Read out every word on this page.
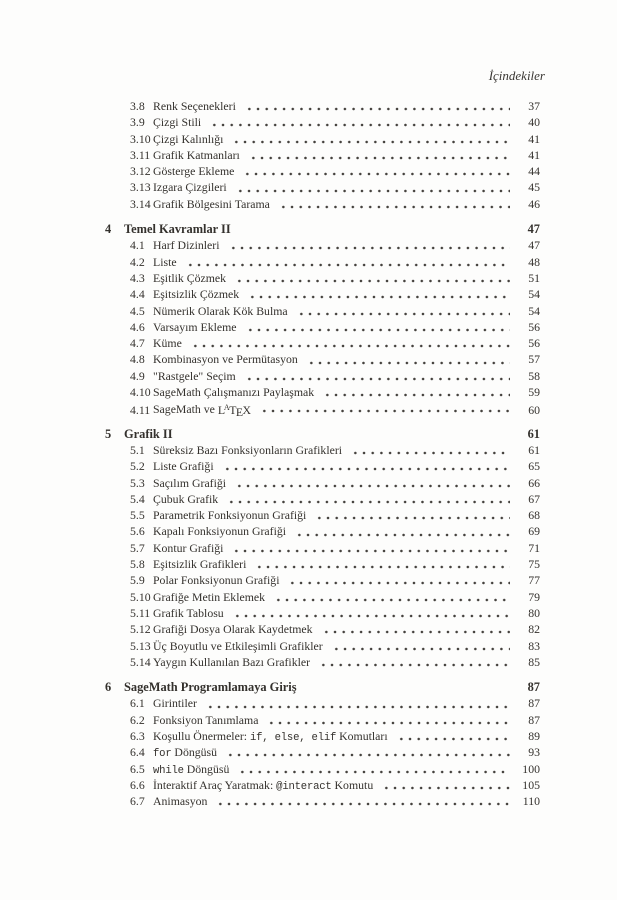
İçindekiler
3.8 Renk Seçenekleri	37
3.9 Çizgi Stili	40
3.10 Çizgi Kalınlığı	41
3.11 Grafik Katmanları	41
3.12 Gösterge Ekleme	44
3.13 Izgara Çizgileri	45
3.14 Grafik Bölgesini Tarama	46
4	Temel Kavramlar II	47
4.1 Harf Dizinleri	47
4.2 Liste	48
4.3 Eşitlik Çözmek	51
4.4 Eşitsizlik Çözmek	54
4.5 Nümerik Olarak Kök Bulma	54
4.6 Varsayım Ekleme	56
4.7 Küme	56
4.8 Kombinasyon ve Permütasyon	57
4.9 "Rastgele" Seçim	58
4.10 SageMath Çalışmanızı Paylaşmak	59
4.11 SageMath ve $L^ATEX$	60
5	Grafik II	61
5.1 Süreksiz Bazı Fonksiyonların Grafikleri	61
5.2 Liste Grafiği	65
5.3 Saçılım Grafiği	66
5.4 Çubuk Grafik	67
5.5 Parametrik Fonksiyonun Grafiği	68
5.6 Kapalı Fonksiyonun Grafiği	69
5.7 Kontur Grafiği	71
5.8 Eşitsizlik Grafikleri	75
5.9 Polar Fonksiyonun Grafiği	77
5.10 Grafiğe Metin Eklemek	79
5.11 Grafik Tablosu	80
5.12 Grafiği Dosya Olarak Kaydetmek	82
5.13 Üç Boyutlu ve Etkileşimli Grafikler	83
5.14 Yaygın Kullanılan Bazı Grafikler	85
6	SageMath Programlamaya Giriş	87
6.1 Girintiler	87
6.2 Fonksiyon Tanımlama	87
6.3 Koşullu Önermeler: if, else, elif Komutları	89
6.4 for Döngüsü	93
6.5 while Döngüsü	100
6.6 İnteraktif Araç Yaratmak: @interact Komutu	105
6.7 Animasyon	110
